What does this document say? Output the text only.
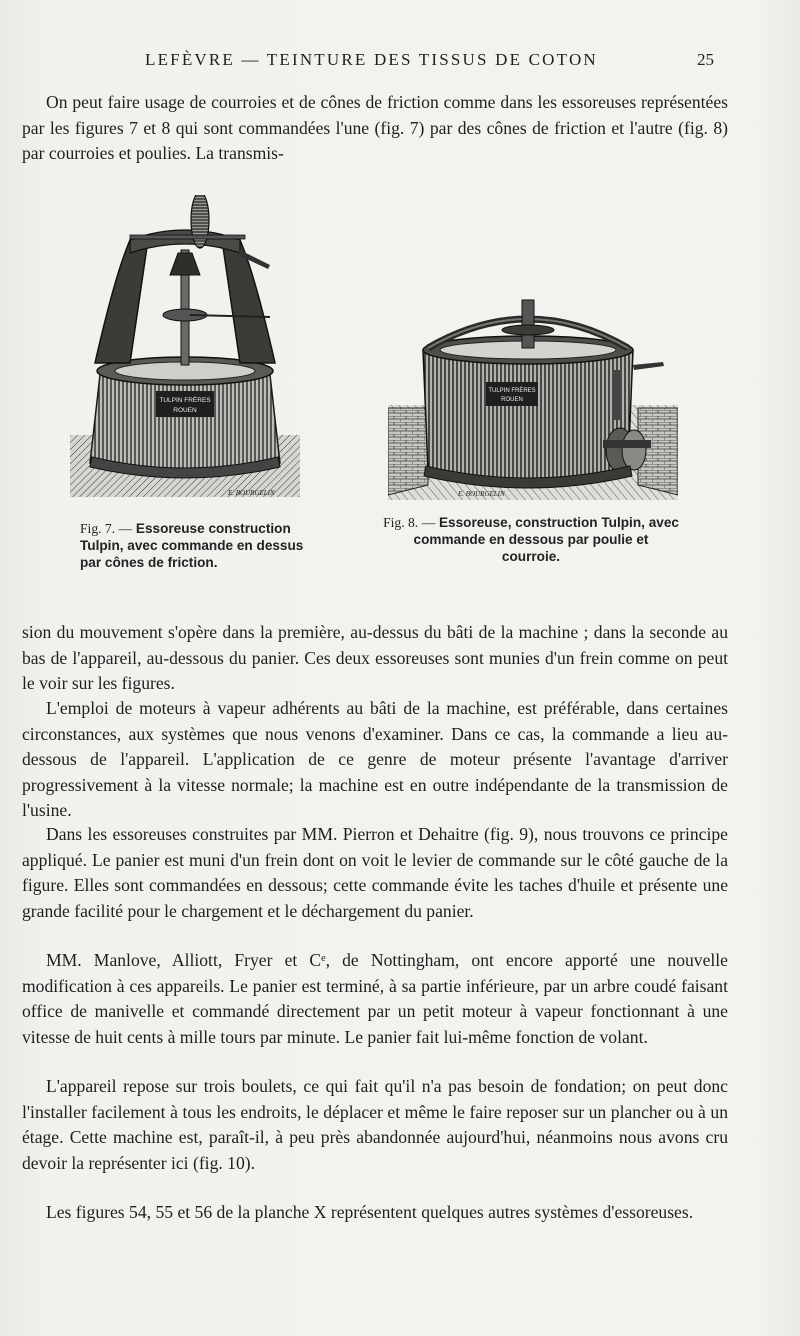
LEFÈVRE — TEINTURE DES TISSUS DE COTON	25

On peut faire usage de courroies et de cônes de friction comme dans les essoreuses représentées par les figures 7 et 8 qui sont commandées l'une (fig. 7) par des cônes de friction et l'autre (fig. 8) par courroies et poulies. La transmis-

TULPIN FRÈRES
ROUEN
E. BOURGELIN
TULPIN FRÈRES
ROUEN
E. BOURGELIN

Fig. 7. — Essoreuse construction Tulpin, avec commande en dessus par cônes de friction.

Fig. 8. — Essoreuse, construction Tulpin, avec commande en dessous par poulie et courroie.

sion du mouvement s'opère dans la première, au-dessus du bâti de la machine ; dans la seconde au bas de l'appareil, au-dessous du panier. Ces deux essoreuses sont munies d'un frein comme on peut le voir sur les figures.

L'emploi de moteurs à vapeur adhérents au bâti de la machine, est préférable, dans certaines circonstances, aux systèmes que nous venons d'examiner. Dans ce cas, la commande a lieu au-dessous de l'appareil. L'application de ce genre de moteur présente l'avantage d'arriver progressivement à la vitesse normale; la machine est en outre indépendante de la transmission de l'usine.

Dans les essoreuses construites par MM. Pierron et Dehaitre (fig. 9), nous trouvons ce principe appliqué. Le panier est muni d'un frein dont on voit le levier de commande sur le côté gauche de la figure. Elles sont commandées en dessous; cette commande évite les taches d'huile et présente une grande facilité pour le chargement et le déchargement du panier.

MM. Manlove, Alliott, Fryer et Cᵉ, de Nottingham, ont encore apporté une nouvelle modification à ces appareils. Le panier est terminé, à sa partie inférieure, par un arbre coudé faisant office de manivelle et commandé directement par un petit moteur à vapeur fonctionnant à une vitesse de huit cents à mille tours par minute. Le panier fait lui-même fonction de volant.

L'appareil repose sur trois boulets, ce qui fait qu'il n'a pas besoin de fondation; on peut donc l'installer facilement à tous les endroits, le déplacer et même le faire reposer sur un plancher ou à un étage. Cette machine est, paraît-il, à peu près abandonnée aujourd'hui, néanmoins nous avons cru devoir la représenter ici (fig. 10).

Les figures 54, 55 et 56 de la planche X représentent quelques autres systèmes d'essoreuses.
